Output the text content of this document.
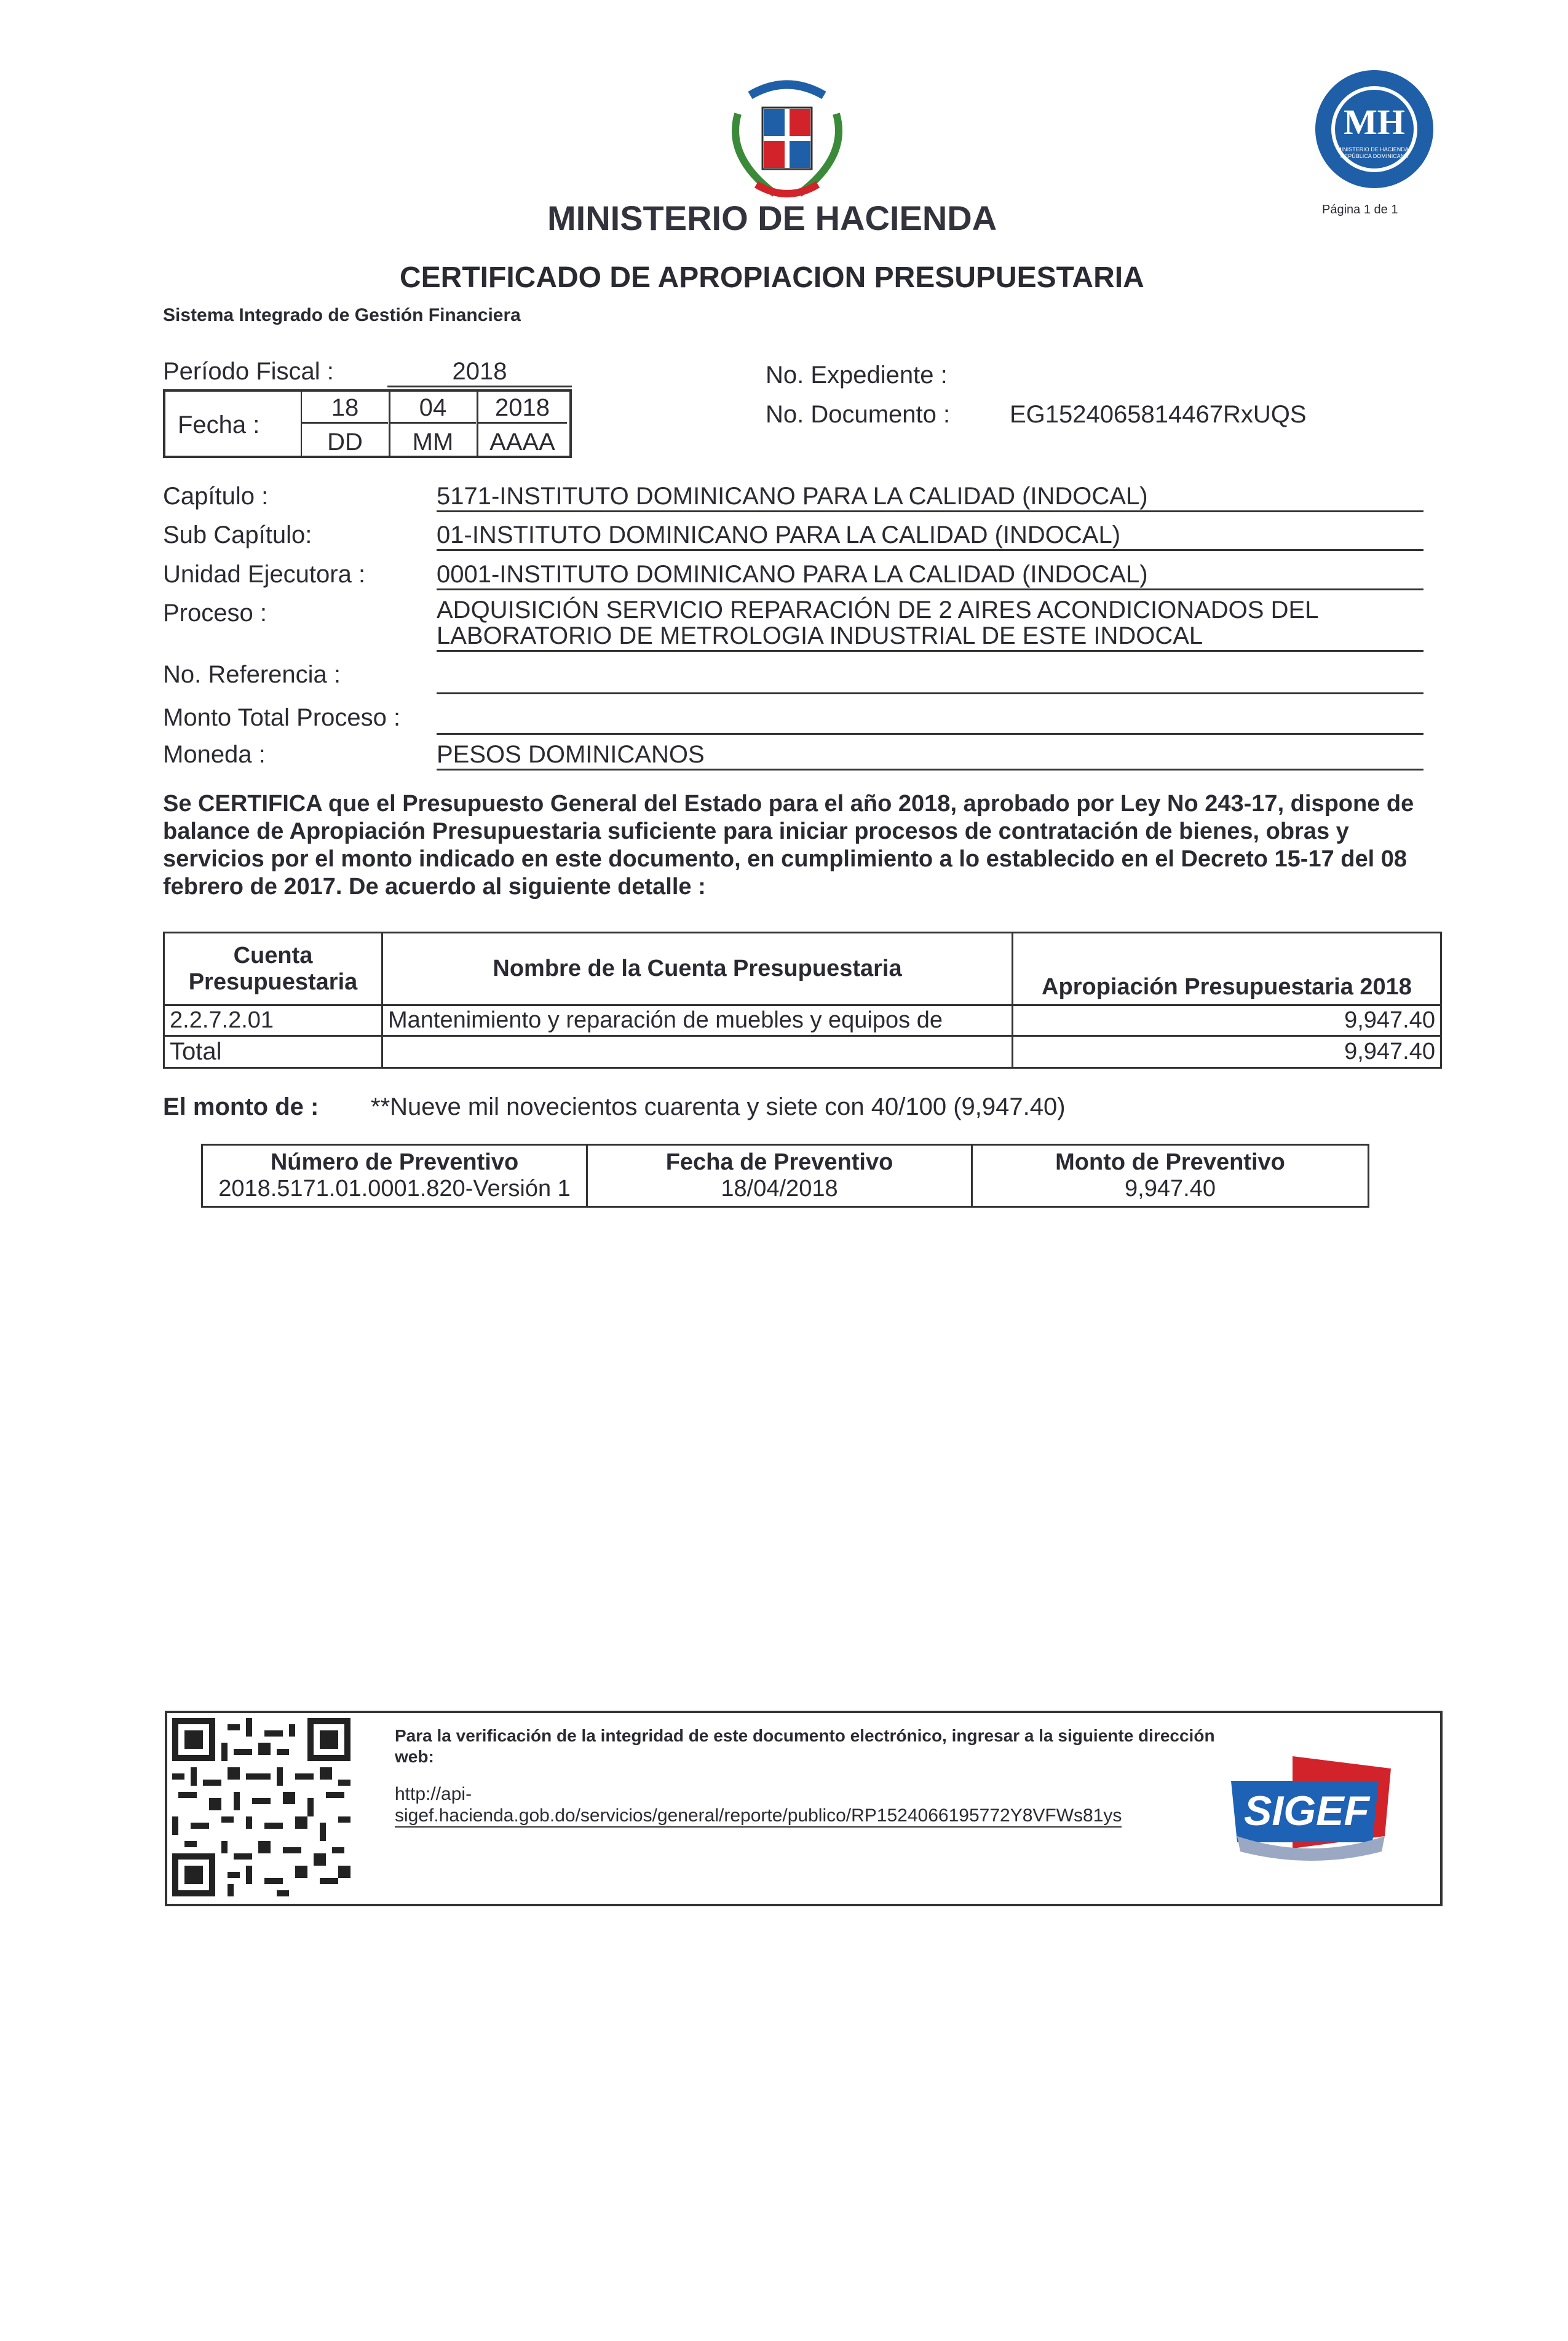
MINISTERIO DE HACIENDA
MH
MINISTERIO DE HACIENDA · REPÚBLICA DOMINICANA
Página 1 de 1
CERTIFICADO DE APROPIACION PRESUPUESTARIA
Sistema Integrado de Gestión Financiera
Período Fiscal :	2018
Fecha :
18	04	2018
DD	MM	AAAA
No. Expediente :
No. Documento : EG1524065814467RxUQS
Capítulo :	5171-INSTITUTO DOMINICANO PARA LA CALIDAD (INDOCAL)
Sub Capítulo:	01-INSTITUTO DOMINICANO PARA LA CALIDAD (INDOCAL)
Unidad Ejecutora :	0001-INSTITUTO DOMINICANO PARA LA CALIDAD (INDOCAL)
Proceso :	ADQUISICIÓN SERVICIO REPARACIÓN DE 2 AIRES ACONDICIONADOS DEL
LABORATORIO DE METROLOGIA INDUSTRIAL DE ESTE INDOCAL
No. Referencia :
Monto Total Proceso :
Moneda :	PESOS DOMINICANOS
Se CERTIFICA que el Presupuesto General del Estado para el año 2018, aprobado por Ley No 243-17, dispone de
balance de Apropiación Presupuestaria suficiente para iniciar procesos de contratación de bienes, obras y
servicios por el monto indicado en este documento, en cumplimiento a lo establecido en el Decreto 15-17 del 08
febrero de 2017. De acuerdo al siguiente detalle :
Cuenta Presupuestaria	Nombre de la Cuenta Presupuestaria	Apropiación Presupuestaria 2018
2.2.7.2.01	Mantenimiento y reparación de muebles y equipos de	9,947.40
Total		9,947.40
El monto de : **Nueve mil novecientos cuarenta y siete con 40/100 (9,947.40)
Número de Preventivo	Fecha de Preventivo	Monto de Preventivo
2018.5171.01.0001.820-Versión 1	18/04/2018	9,947.40
Para la verificación de la integridad de este documento electrónico, ingresar a la siguiente dirección web:
http://api-
sigef.hacienda.gob.do/servicios/general/reporte/publico/RP1524066195772Y8VFWs81ys	SIGEF
